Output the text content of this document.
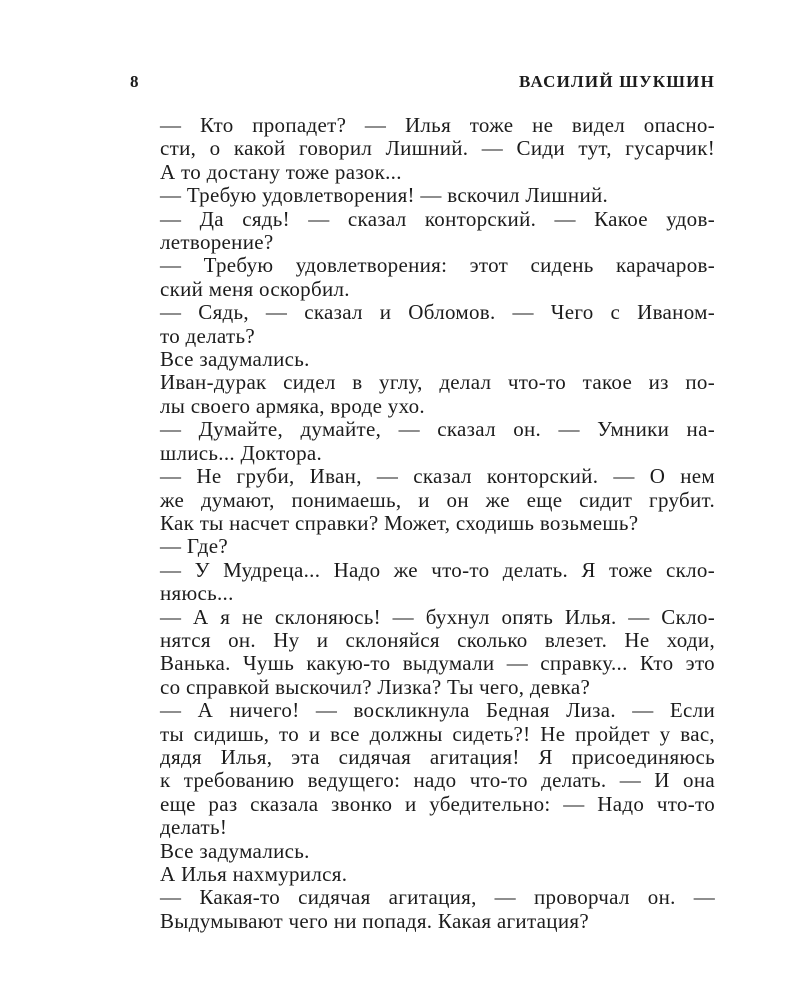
8	ВАСИЛИЙ ШУКШИН

— Кто пропадет? — Илья тоже не видел опасно-
сти, о какой говорил Лишний. — Сиди тут, гусарчик!
А то достану тоже разок...

— Требую удовлетворения! — вскочил Лишний.

— Да сядь! — сказал конторский. — Какое удов-
летворение?

— Требую удовлетворения: этот сидень карачаров-
ский меня оскорбил.

— Сядь, — сказал и Обломов. — Чего с Иваном-
то делать?

Все задумались.

Иван-дурак сидел в углу, делал что-то такое из по-
лы своего армяка, вроде ухо.

— Думайте, думайте, — сказал он. — Умники на-
шлись... Доктора.

— Не груби, Иван, — сказал конторский. — О нем
же думают, понимаешь, и он же еще сидит грубит.
Как ты насчет справки? Может, сходишь возьмешь?

— Где?

— У Мудреца... Надо же что-то делать. Я тоже скло-
няюсь...

— А я не склоняюсь! — бухнул опять Илья. — Скло-
нятся он. Ну и склоняйся сколько влезет. Не ходи,
Ванька. Чушь какую-то выдумали — справку... Кто это
со справкой выскочил? Лизка? Ты чего, девка?

— А ничего! — воскликнула Бедная Лиза. — Если
ты сидишь, то и все должны сидеть?! Не пройдет у вас,
дядя Илья, эта сидячая агитация! Я присоединяюсь
к требованию ведущего: надо что-то делать. — И она
еще раз сказала звонко и убедительно: — Надо что-то
делать!

Все задумались.

А Илья нахмурился.

— Какая-то сидячая агитация, — проворчал он. —
Выдумывают чего ни попадя. Какая агитация?
